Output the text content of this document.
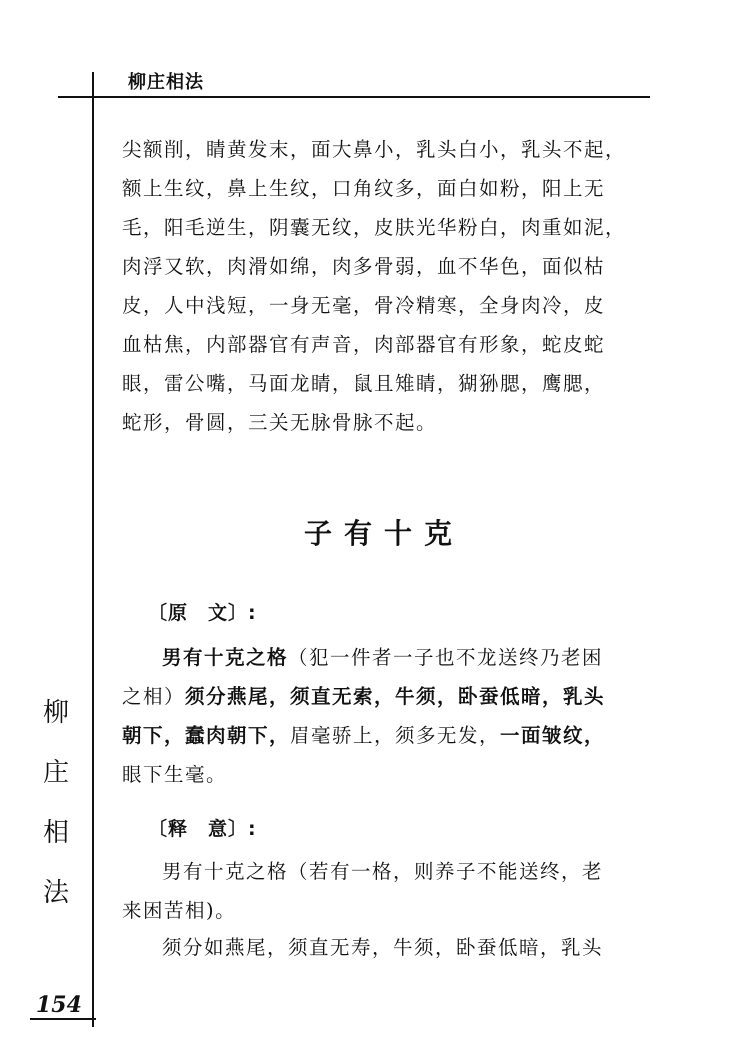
柳庄相法
柳
庄
相
法
154

尖额削，睛黄发末，面大鼻小，乳头白小，乳头不起，
额上生纹，鼻上生纹，口角纹多，面白如粉，阳上无
毛，阳毛逆生，阴囊无纹，皮肤光华粉白，肉重如泥，
肉浮又软，肉滑如绵，肉多骨弱，血不华色，面似枯
皮，人中浅短，一身无毫，骨冷精寒，全身肉冷，皮
血枯焦，内部器官有声音，肉部器官有形象，蛇皮蛇
眼，雷公嘴，马面龙睛，鼠且雉睛，猢狲腮，鹰腮，
蛇形，骨圆，三关无脉骨脉不起。

子有十克
〔原　文〕:
男有十克之格（犯一件者一子也不龙送终乃老困
之相）须分燕尾，须直无索，牛须，卧蚕低暗，乳头
朝下，蠢肉朝下，眉毫骄上，须多无发，一面皱纹，
眼下生毫。
〔释　意〕:
男有十克之格（若有一格，则养子不能送终，老
来困苦相)。
须分如燕尾，须直无寿，牛须，卧蚕低暗，乳头
